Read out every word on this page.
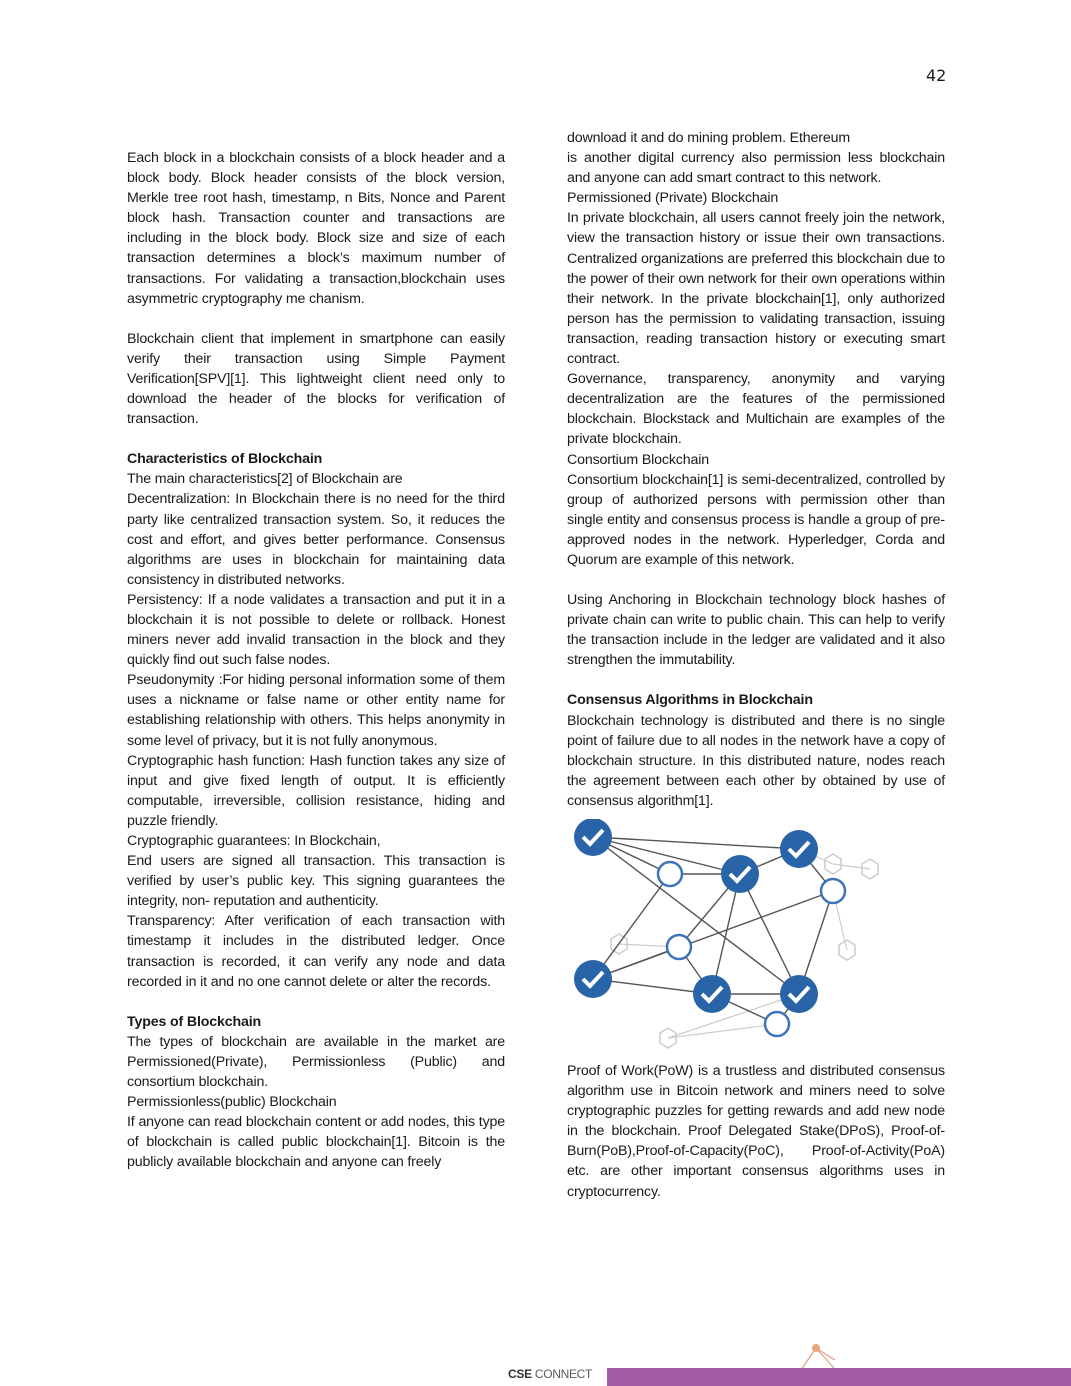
42

Each block in a blockchain consists of a block header and a block body. Block header consists of the block version, Merkle tree root hash, timestamp, n Bits, Nonce and Parent block hash. Transaction counter and transactions are including in the block body. Block size and size of each transaction determines a block’s maximum number of transactions. For validating a transaction,blockchain uses asymmetric cryptography me chanism.

Blockchain client that implement in smartphone can easily verify their transaction using Simple Payment Verification[SPV][1]. This lightweight client need only to download the header of the blocks for verification of transaction.

Characteristics of Blockchain

The main characteristics[2] of Blockchain are

Decentralization: In Blockchain there is no need for the third party like centralized transaction system. So, it reduces the cost and effort, and gives better performance. Consensus algorithms are uses in blockchain for maintaining data consistency in distributed networks.

Persistency: If a node validates a transaction and put it in a blockchain it is not possible to delete or rollback. Honest miners never add invalid transaction in the block and they quickly find out such false nodes.

Pseudonymity :For hiding personal information some of them uses a nickname or false name or other entity name for establishing relationship with others. This helps anonymity in some level of privacy, but it is not fully anonymous.

Cryptographic hash function: Hash function takes any size of input and give fixed length of output. It is efficiently computable, irreversible, collision resistance, hiding and puzzle friendly.

Cryptographic guarantees: In Blockchain,

End users are signed all transaction. This transaction is verified by user’s public key. This signing guarantees the integrity, non- reputation and authenticity.

Transparency: After verification of each transaction with timestamp it includes in the distributed ledger. Once transaction is recorded, it can verify any node and data recorded in it and no one cannot delete or alter the records.

Types of Blockchain

The types of blockchain are available in the market are Permissioned(Private), Permissionless (Public) and consortium blockchain.

Permissionless(public) Blockchain

If anyone can read blockchain content or add nodes, this type of blockchain is called public blockchain[1]. Bitcoin is the publicly available blockchain and anyone can freely

download it and do mining problem. Ethereum

is another digital currency also permission less blockchain and anyone can add smart contract to this network.

Permissioned (Private) Blockchain

In private blockchain, all users cannot freely join the network, view the transaction history or issue their own transactions. Centralized organizations are preferred this blockchain due to the power of their own network for their own operations within their network. In the private blockchain[1], only authorized person has the permission to validating transaction, issuing transaction, reading transaction history or executing smart contract.

Governance, transparency, anonymity and varying decentralization are the features of the permissioned blockchain. Blockstack and Multichain are examples of the private blockchain.

Consortium Blockchain

Consortium blockchain[1] is semi-decentralized, controlled by group of authorized persons with permission other than single entity and consensus process is handle a group of pre-approved nodes in the network. Hyperledger, Corda and Quorum are example of this network.

Using Anchoring in Blockchain technology block hashes of private chain can write to public chain. This can help to verify the transaction include in the ledger are validated and it also strengthen the immutability.

Consensus Algorithms in Blockchain

Blockchain technology is distributed and there is no single point of failure due to all nodes in the network have a copy of blockchain structure. In this distributed nature, nodes reach the agreement between each other by obtained by use of consensus algorithm[1].

Proof of Work(PoW) is a trustless and distributed consensus algorithm use in Bitcoin network and miners need to solve cryptographic puzzles for getting rewards and add new node in the blockchain. Proof Delegated Stake(DPoS), Proof-of-Burn(PoB),Proof-of-Capacity(PoC), Proof-of-Activity(PoA) etc. are other important consensus algorithms uses in cryptocurrency.

CSE CONNECT
